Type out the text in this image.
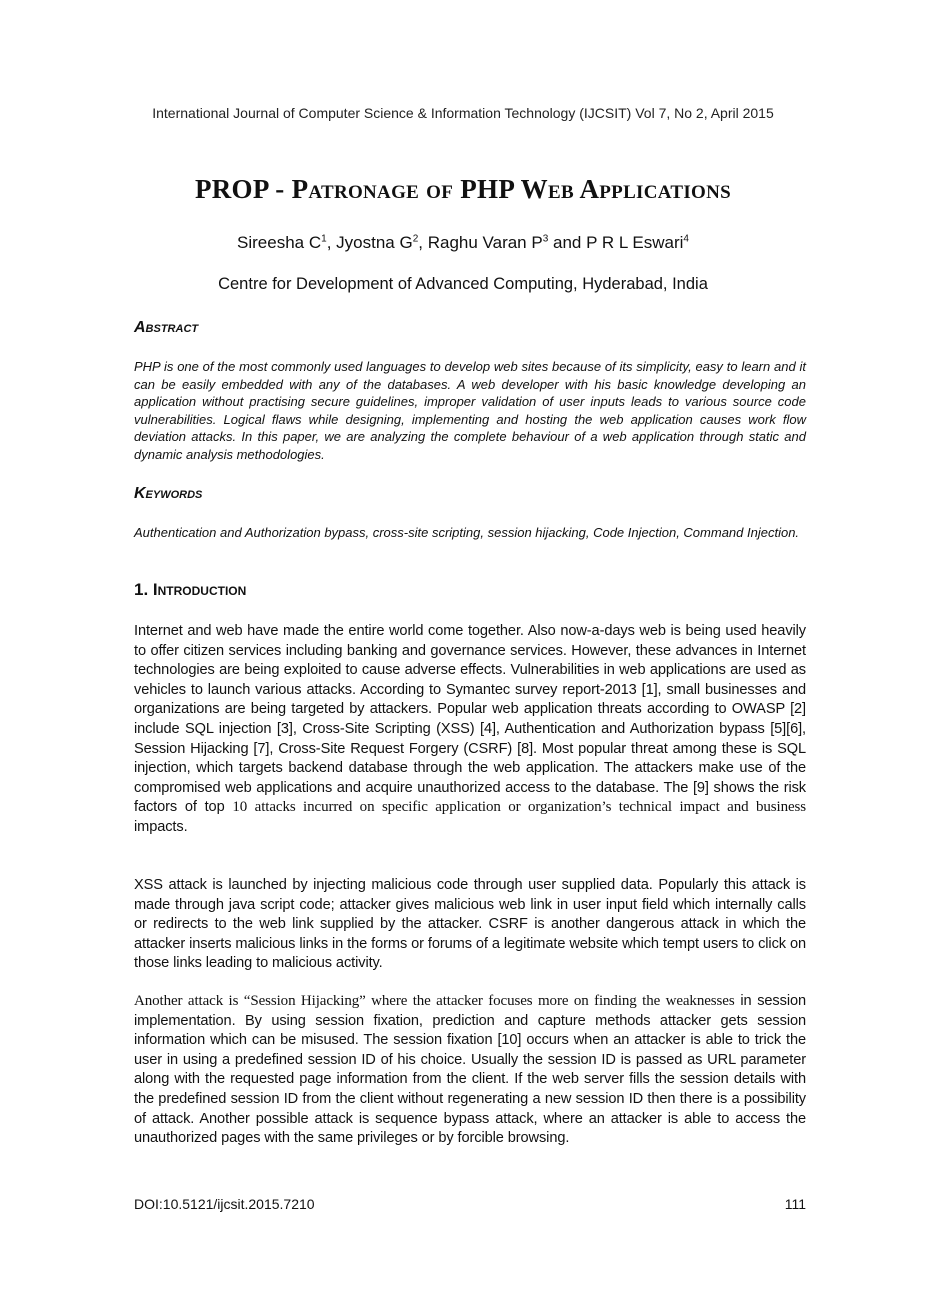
International Journal of Computer Science & Information Technology (IJCSIT) Vol 7, No 2, April 2015
PROP - Patronage of PHP Web Applications
Sireesha $C^1$, Jyostna $G^2$, Raghu Varan $P^3$ and P R L Eswari$^4$
Centre for Development of Advanced Computing, Hyderabad, India
Abstract
PHP is one of the most commonly used languages to develop web sites because of its simplicity, easy to learn and it can be easily embedded with any of the databases. A web developer with his basic knowledge developing an application without practising secure guidelines, improper validation of user inputs leads to various source code vulnerabilities. Logical flaws while designing, implementing and hosting the web application causes work flow deviation attacks. In this paper, we are analyzing the complete behaviour of a web application through static and dynamic analysis methodologies.
Keywords
Authentication and Authorization bypass, cross-site scripting, session hijacking, Code Injection, Command Injection.
1. Introduction
Internet and web have made the entire world come together. Also now-a-days web is being used heavily to offer citizen services including banking and governance services. However, these advances in Internet technologies are being exploited to cause adverse effects. Vulnerabilities in web applications are used as vehicles to launch various attacks. According to Symantec survey report-2013 [1], small businesses and organizations are being targeted by attackers. Popular web application threats according to OWASP [2] include SQL injection [3], Cross-Site Scripting (XSS) [4], Authentication and Authorization bypass [5][6], Session Hijacking [7], Cross-Site Request Forgery (CSRF) [8]. Most popular threat among these is SQL injection, which targets backend database through the web application. The attackers make use of the compromised web applications and acquire unauthorized access to the database. The [9] shows the risk factors of top 10 attacks incurred on specific application or organization’s technical impact and business impacts.
XSS attack is launched by injecting malicious code through user supplied data. Popularly this attack is made through java script code; attacker gives malicious web link in user input field which internally calls or redirects to the web link supplied by the attacker. CSRF is another dangerous attack in which the attacker inserts malicious links in the forms or forums of a legitimate website which tempt users to click on those links leading to malicious activity.
Another attack is “Session Hijacking” where the attacker focuses more on finding the weaknesses in session implementation. By using session fixation, prediction and capture methods attacker gets session information which can be misused. The session fixation [10] occurs when an attacker is able to trick the user in using a predefined session ID of his choice. Usually the session ID is passed as URL parameter along with the requested page information from the client. If the web server fills the session details with the predefined session ID from the client without regenerating a new session ID then there is a possibility of attack. Another possible attack is sequence bypass attack, where an attacker is able to access the unauthorized pages with the same privileges or by forcible browsing.
DOI:10.5121/ijcsit.2015.7210	111
